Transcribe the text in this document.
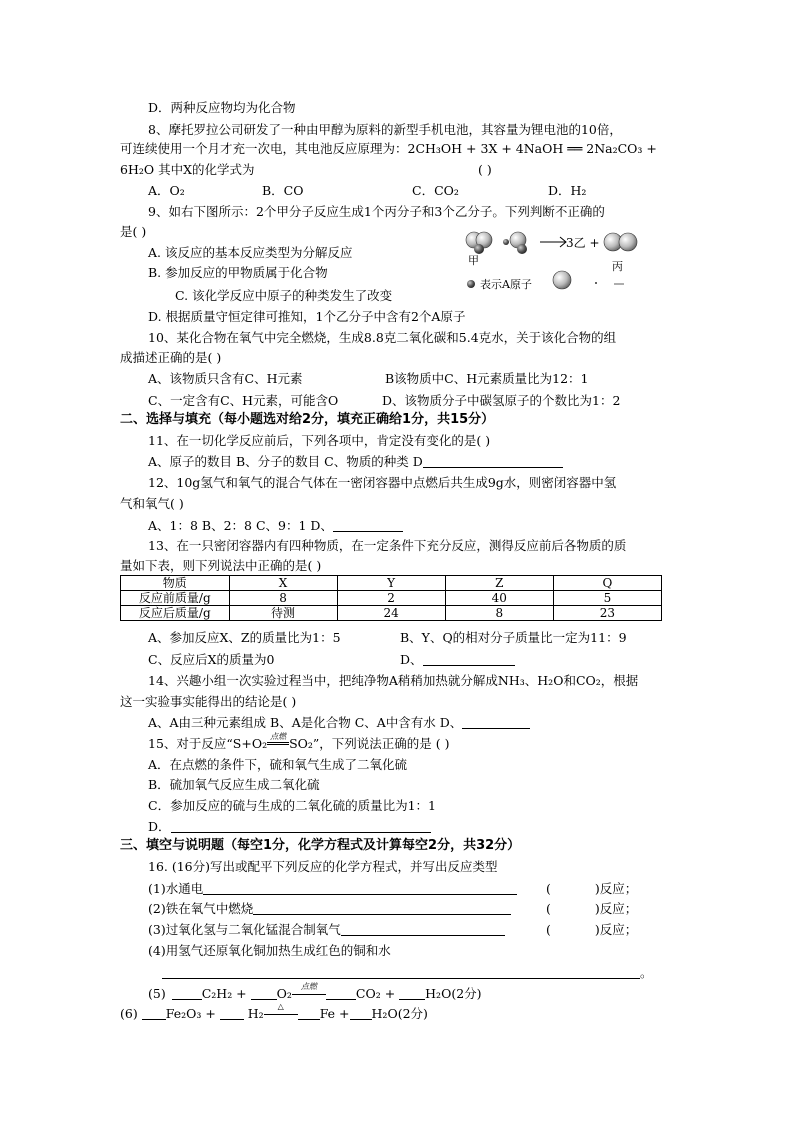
D．两种反应物均为化合物
8、摩托罗拉公司研发了一种由甲醇为原料的新型手机电池，其容量为锂电池的10倍，
可连续使用一个月才充一次电，其电池反应原理为：2CH₃OH + 3X + 4NaOH ══ 2Na₂CO₃ +
6H₂O 其中X的化学式为	( )
A．O₂	B．CO	C．CO₂	D．H₂
9、如右下图所示：2个甲分子反应生成1个丙分子和3个乙分子。下列判断不正确的
是( )
A. 该反应的基本反应类型为分解反应
B. 参加反应的甲物质属于化合物
C. 该化学反应中原子的种类发生了改变
D. 根据质量守恒定律可推知，1个乙分子中含有2个A原子
3乙 +
甲	丙
表示A原子
10、某化合物在氧气中完全燃烧，生成8.8克二氧化碳和5.4克水，关于该化合物的组
成描述正确的是( )
A、该物质只含有C、H元素	B该物质中C、H元素质量比为12：1
C、一定含有C、H元素，可能含O	D、该物质分子中碳氢原子的个数比为1：2
二、选择与填充（每小题选对给2分，填充正确给1分，共15分）
11、在一切化学反应前后，下列各项中，肯定没有变化的是( )
A、原子的数目 B、分子的数目 C、物质的种类 D
12、10g氢气和氧气的混合气体在一密闭容器中点燃后共生成9g水，则密闭容器中氢
气和氧气( )
A、1：8 B、2：8 C、9：1 D、
13、在一只密闭容器内有四种物质，在一定条件下充分反应，测得反应前后各物质的质
量如下表，则下列说法中正确的是( )
物质	X	Y	Z	Q
反应前质量/g	8	2	40	5
反应后质量/g	待测	24	8	23
A、参加反应X、Z的质量比为1：5	B、Y、Q的相对分子质量比一定为11：9
C、反应后X的质量为0	D、
14、兴趣小组一次实验过程当中，把纯净物A稍稍加热就分解成NH₃、H₂O和CO₂，根据
这一实验事实能得出的结论是( )
A、A由三种元素组成 B、A是化合物 C、A中含有水 D、
15、对于反应“S+O₂ 点燃 SO₂”，下列说法正确的是 ( )
A．在点燃的条件下，硫和氧气生成了二氧化硫
B．硫加氧气反应生成二氧化硫
C．参加反应的硫与生成的二氧化硫的质量比为1：1
D．
三、填空与说明题（每空1分，化学方程式及计算每空2分，共32分）
16. (16分)写出或配平下列反应的化学方程式，并写出反应类型
(1)水通电	(	)反应；
(2)铁在氧气中燃烧	(	)反应；
(3)过氧化氢与二氧化锰混合制氧气	(	)反应；
(4)用氢气还原氧化铜加热生成红色的铜和水
。
(5)	C₂H₂ + O₂	点燃	CO₂ + H₂O(2分)
(6) Fe₂O₃ +  H₂	△	Fe + H₂O(2分)
